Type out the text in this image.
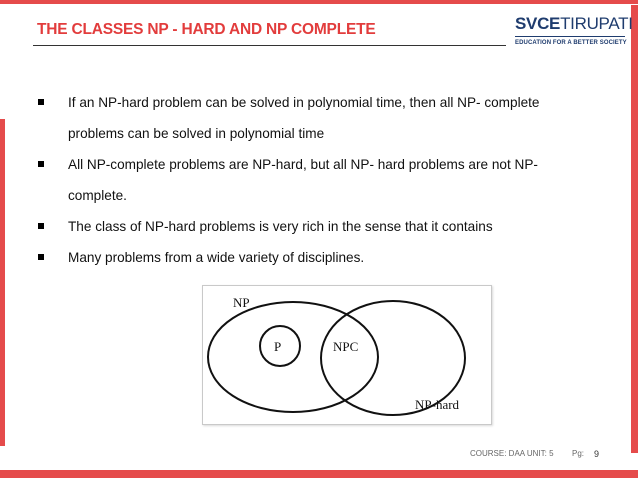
THE CLASSES NP - HARD AND NP COMPLETE	SVCETIRUPATI
EDUCATION FOR A BETTER SOCIETY
If an NP-hard problem can be solved in polynomial time, then all NP- complete
problems can be solved in polynomial time
All NP-complete problems are NP-hard, but all NP- hard problems are not NP-
complete.
The class of NP-hard problems is very rich in the sense that it contains
Many problems from a wide variety of disciplines.
NP
P	NPC
NP-hard
COURSE: DAA UNIT: 5 Pg: 9
